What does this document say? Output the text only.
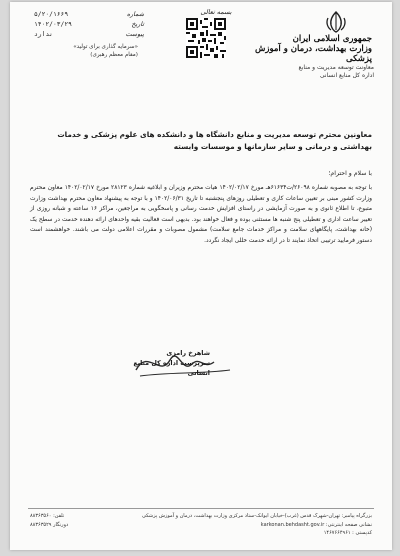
جمهوری اسلامی ایران
وزارت بهداشت، درمان و آموزش پزشکی
معاونت توسعه مدیریت و منابع
اداره کل منابع انسانی
بسمه تعالی
شماره
۵/۲۰/۱۶۶۹
تاریخ
۱۴۰۲/۰۳/۲۹
پیوست
ندارد
«سرمایه گذاری برای تولید»
(مقام معظم رهبری)
معاونین محترم توسعه مدیریت و منابع دانشگاه ها و دانشکده های علوم پزشکی و خدمات بهداشتی و درمانی و سایر سازمانها و موسسات وابسته
با سلام و احترام؛
با توجه به مصوبه شماره ۲۶۰۹۸/ت۶۱۶۳۴هـ مورخ ۱۴۰۲/۰۲/۱۷ هیات محترم وزیران و ابلاغیه شماره ۲۸۱۲۳ مورخ ۱۴۰۲/۰۲/۱۷ معاون محترم وزارت کشور مبنی بر تعیین ساعات کاری و تعطیلی روزهای پنجشنبه تا تاریخ ۱۴۰۲/۰۶/۳۱ و با توجه به پیشنهاد معاون محترم بهداشت وزارت متبوع، تا اطلاع ثانوی و به صورت آزمایشی در راستای افزایش خدمت رسانی و پاسخگویی به مراجعین، مراکز ۱۶ ساعته و شبانه روزی از تغییر ساعت اداری و تعطیلی پنج شنبه ها مستثنی بوده و فعال خواهند بود. بدیهی است فعالیت بقیه واحدهای ارائه دهنده خدمت در سطح یک (خانه بهداشت، پایگاههای سلامت و مراکز خدمات جامع سلامت) مشمول مصوبات و مقررات اعلامی دولت می باشند. خواهشمند است دستور فرمایید ترتیبی اتخاذ نمایند تا در ارائه خدمت خللی ایجاد نگردد.
شاهرخ رامزی
سرپرست اداره کل منابع انسانی
بزرگراه پیامبر: تهران-شهرک قدس (غرب)-خیابان ایوانک-ستاد مرکزی وزارت بهداشت، درمان و آموزش پزشکی
تلفن: ۸۸۳۶۳۵۶۰
نشانی صفحه اینترنتی: karkonan.behdasht.gov.ir
دورنگار ۸۸۳۶۳۵۲۹
کدپستی : ۱۴۶۷۶۶۴۹۶۱
